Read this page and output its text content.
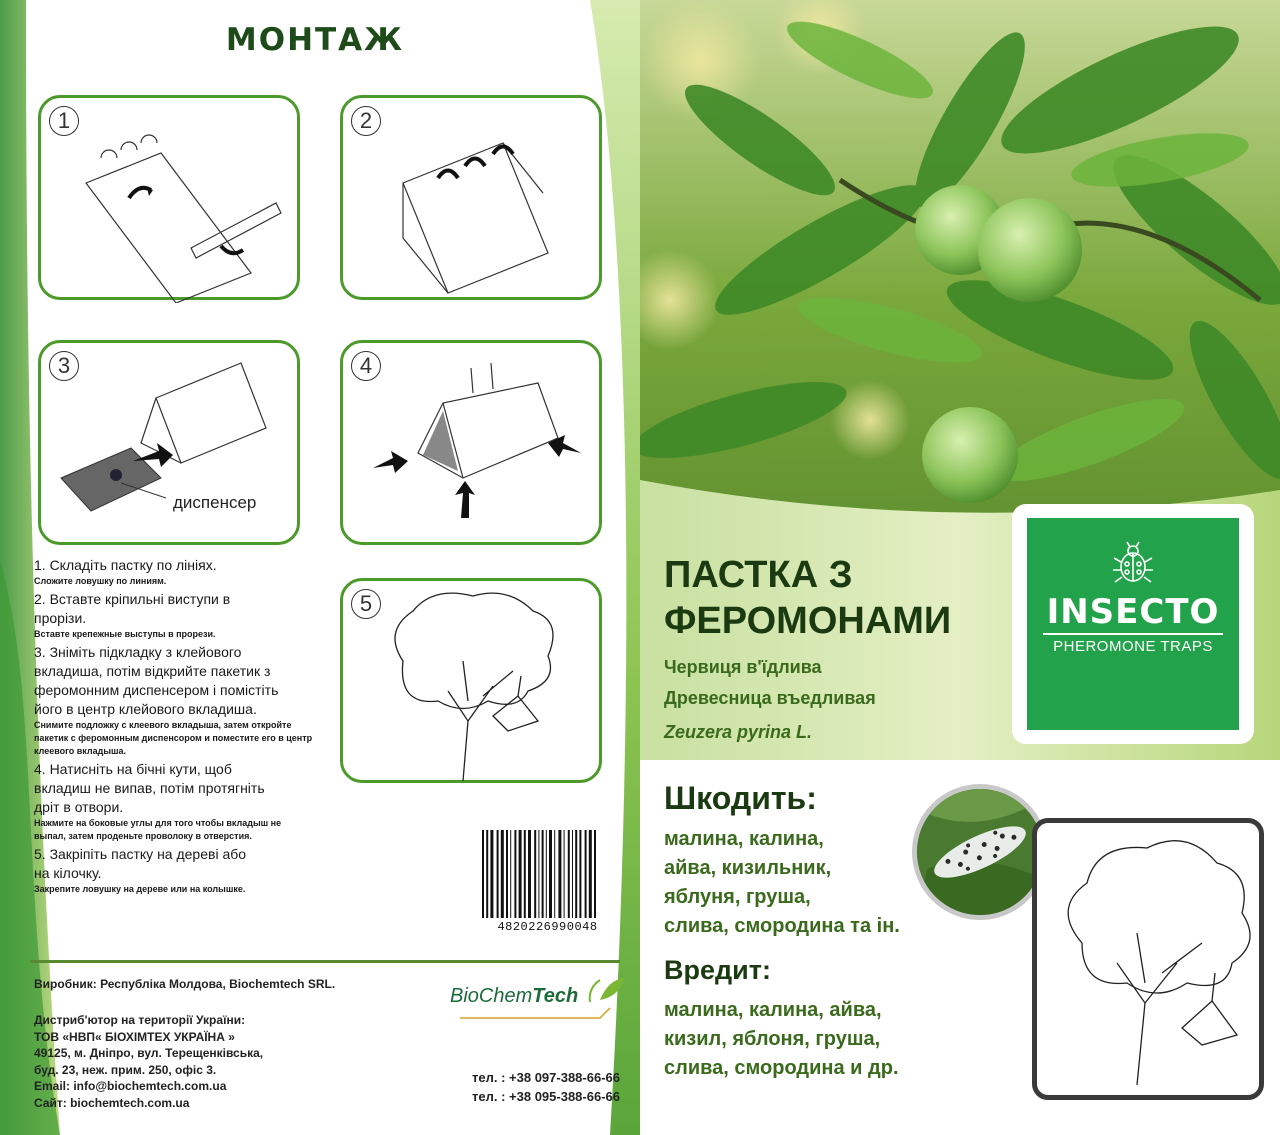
МОНТАЖ
1	2
3
диспенсер
4
5
1. Складіть пастку по лініях.
Сложите ловушку по линиям.
2. Вставте кріпильні виступи в прорізи.
Вставте крепежные выступы в прорези.
3. Зніміть підкладку з клейового вкладиша, потім відкрийте пакетик з феромонним диспенсером і помістіть його в центр клейового вкладиша.
Снимите подложку с клеевого вкладыша, затем откройте пакетик с феромонным диспенсором и поместите его в центр клеевого вкладыша.
4. Натисніть на бічні кути, щоб вкладиш не випав, потім протягніть дріт в отвори.
Нажмите на боковые углы для того чтобы вкладыш не выпал, затем проденьте проволоку в отверстия.
5. Закріпіть пастку на дереві або на кілочку.
Закрепите ловушку на дереве или на колышке.
4820226990048
Виробник: Республіка Молдова, Biochemtech SRL.
Дистриб'ютор на території України:
ТОВ «НВП« БІОХІМТЕХ УКРАЇНА »
49125, м. Дніпро, вул. Терещенківська,
буд. 23, неж. прим. 250, офіс 3.
Email: info@biochemtech.com.ua
Сайт: biochemtech.com.ua
BioChemTech
тел. : +38 097-388-66-66
тел. : +38 095-388-66-66
ПАСТКА З
ФЕРОМОНАМИ
Червиця в'їдлива
Древесница въедливая
Zeuzera pyrina L.
INSECTO
PHEROMONE TRAPS
Шкодить:
малина, калина,
айва, кизильник,
яблуня, груша,
слива, смородина та ін.
Вредит:
малина, калина, айва,
кизил, яблоня, груша,
слива, смородина и др.
